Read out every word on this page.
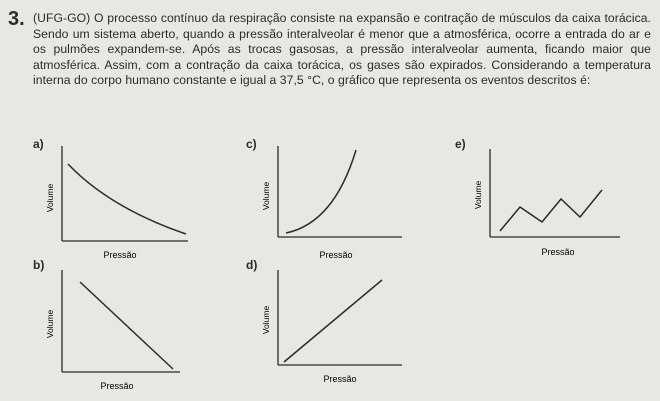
3. (UFG-GO) O processo contínuo da respiração consiste na expansão e contração de músculos da caixa torácica. Sendo um sistema aberto, quando a pressão interalveolar é menor que a atmosférica, ocorre a entrada do ar e os pulmões expandem-se. Após as trocas gasosas, a pressão interalveolar aumenta, ficando maior que atmosférica. Assim, com a contração da caixa torácica, os gases são expirados. Considerando a temperatura interna do corpo humano constante e igual a 37,5 °C, o gráfico que representa os eventos descritos é:
a)
Volume
Pressão
b)
Volume
Pressão
c)
Volume
Pressão
d)
Volume
Pressão
e)
Volume
Pressão
